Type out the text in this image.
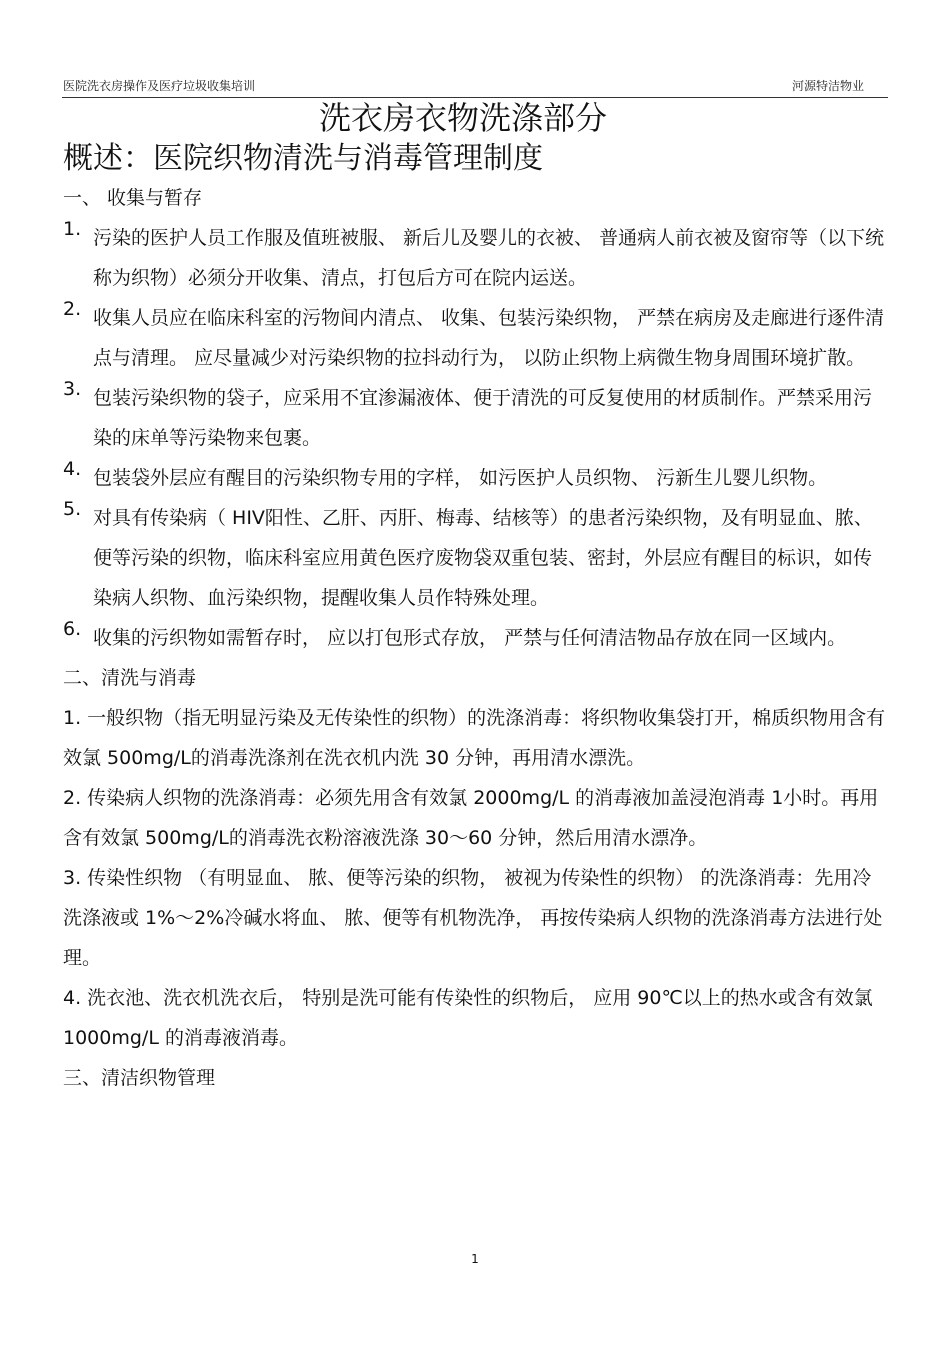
医院洗衣房操作及医疗垃圾收集培训	河源特洁物业
洗衣房衣物洗涤部分
概述：医院织物清洗与消毒管理制度
一、 收集与暂存
1. 污染的医护人员工作服及值班被服、 新后儿及婴儿的衣被、 普通病人前衣被及窗帘等（以下统称为织物）必须分开收集、清点，打包后方可在院内运送。
2. 收集人员应在临床科室的污物间内清点、 收集、包装污染织物， 严禁在病房及走廊进行逐件清点与清理。 应尽量减少对污染织物的拉抖动行为， 以防止织物上病微生物身周围环境扩散。
3. 包装污染织物的袋子，应采用不宜渗漏液体、便于清洗的可反复使用的材质制作。严禁采用污染的床单等污染物来包裹。
4. 包装袋外层应有醒目的污染织物专用的字样， 如污医护人员织物、 污新生儿婴儿织物。
5. 对具有传染病（ HIV阳性、乙肝、丙肝、梅毒、结核等）的患者污染织物，及有明显血、脓、便等污染的织物，临床科室应用黄色医疗废物袋双重包装、密封，外层应有醒目的标识，如传染病人织物、血污染织物，提醒收集人员作特殊处理。
6. 收集的污织物如需暂存时， 应以打包形式存放， 严禁与任何清洁物品存放在同一区域内。
二、清洗与消毒
1. 一般织物（指无明显污染及无传染性的织物）的洗涤消毒：将织物收集袋打开，棉质织物用含有效氯 500mg/L的消毒洗涤剂在洗衣机内洗 30 分钟，再用清水漂洗。
2. 传染病人织物的洗涤消毒：必须先用含有效氯 2000mg/L 的消毒液加盖浸泡消毒 1小时。再用含有效氯 500mg/L的消毒洗衣粉溶液洗涤 30～60 分钟，然后用清水漂净。
3. 传染性织物 （有明显血、 脓、便等污染的织物， 被视为传染性的织物） 的洗涤消毒：先用冷洗涤液或 1%～2%冷碱水将血、 脓、便等有机物洗净， 再按传染病人织物的洗涤消毒方法进行处理。
4. 洗衣池、洗衣机洗衣后， 特别是洗可能有传染性的织物后， 应用 90℃以上的热水或含有效氯 1000mg/L 的消毒液消毒。
三、清洁织物管理
1
